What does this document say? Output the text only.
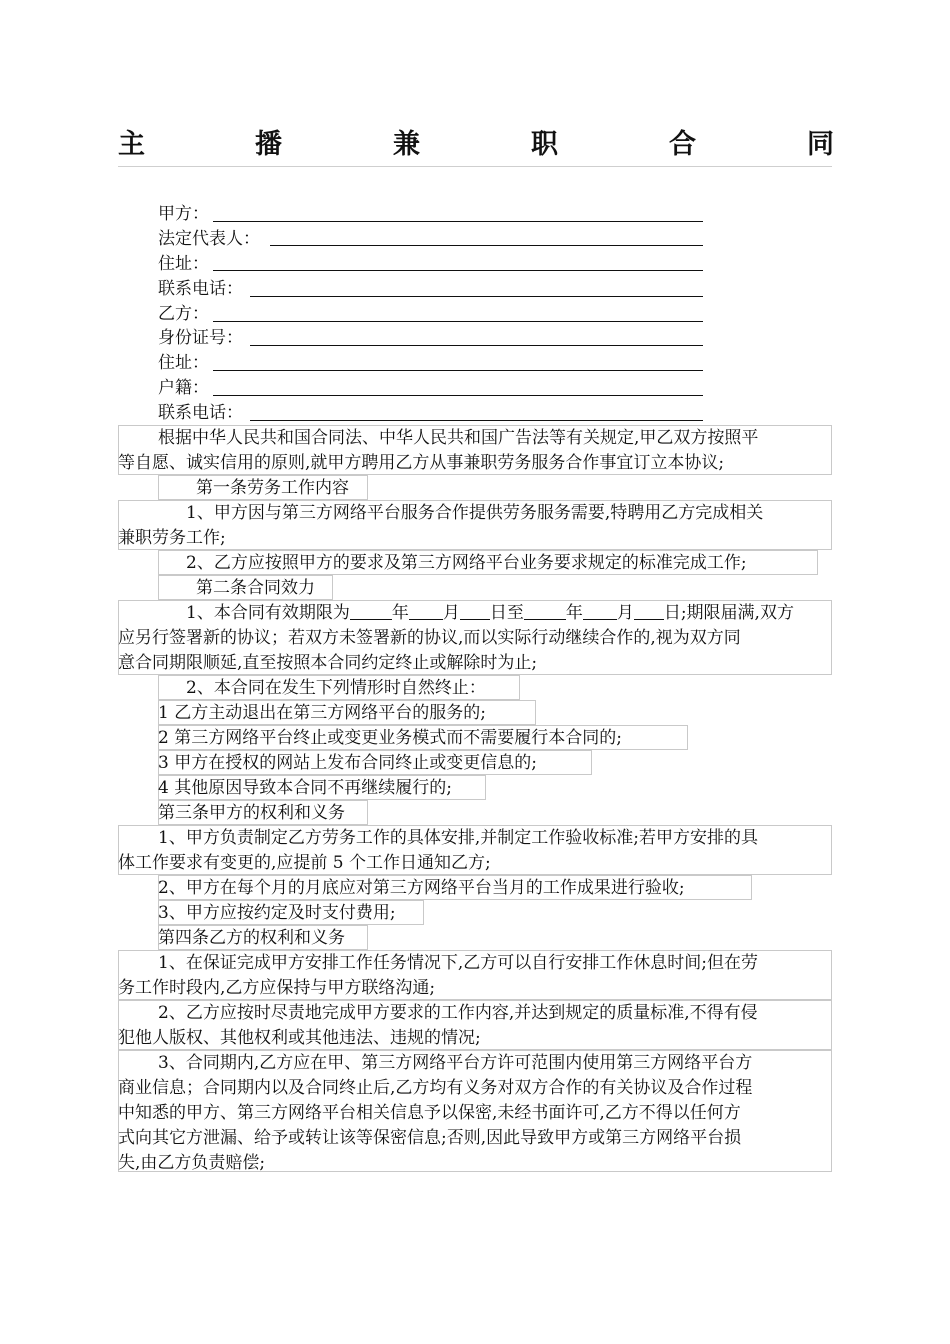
主	播	兼	职	合	同
甲方：
法定代表人：
住址：
联系电话：
乙方：
身份证号：
住址：
户籍：
联系电话：
根据中华人民共和国合同法、中华人民共和国广告法等有关规定,甲乙双方按照平
等自愿、诚实信用的原则,就甲方聘用乙方从事兼职劳务服务合作事宜订立本协议;
第一条劳务工作内容
1、甲方因与第三方网络平台服务合作提供劳务服务需要,特聘用乙方完成相关
兼职劳务工作;
2、乙方应按照甲方的要求及第三方网络平台业务要求规定的标准完成工作;
第二条合同效力
1、本合同有效期限为 年 月 日至 年 月 日;期限届满,双方
应另行签署新的协议；若双方未签署新的协议,而以实际行动继续合作的,视为双方同
意合同期限顺延,直至按照本合同约定终止或解除时为止;
2、本合同在发生下列情形时自然终止：
1 乙方主动退出在第三方网络平台的服务的;
2 第三方网络平台终止或变更业务模式而不需要履行本合同的;
3 甲方在授权的网站上发布合同终止或变更信息的;
4 其他原因导致本合同不再继续履行的;
第三条甲方的权利和义务
1、甲方负责制定乙方劳务工作的具体安排,并制定工作验收标准;若甲方安排的具
体工作要求有变更的,应提前 5 个工作日通知乙方;
2、甲方在每个月的月底应对第三方网络平台当月的工作成果进行验收;
3、甲方应按约定及时支付费用;
第四条乙方的权利和义务
1、在保证完成甲方安排工作任务情况下,乙方可以自行安排工作休息时间;但在劳
务工作时段内,乙方应保持与甲方联络沟通;
2、乙方应按时尽责地完成甲方要求的工作内容,并达到规定的质量标准,不得有侵
犯他人版权、其他权利或其他违法、违规的情况;
3、合同期内,乙方应在甲、第三方网络平台方许可范围内使用第三方网络平台方
商业信息；合同期内以及合同终止后,乙方均有义务对双方合作的有关协议及合作过程
中知悉的甲方、第三方网络平台相关信息予以保密,未经书面许可,乙方不得以任何方
式向其它方泄漏、给予或转让该等保密信息;否则,因此导致甲方或第三方网络平台损
失,由乙方负责赔偿;
